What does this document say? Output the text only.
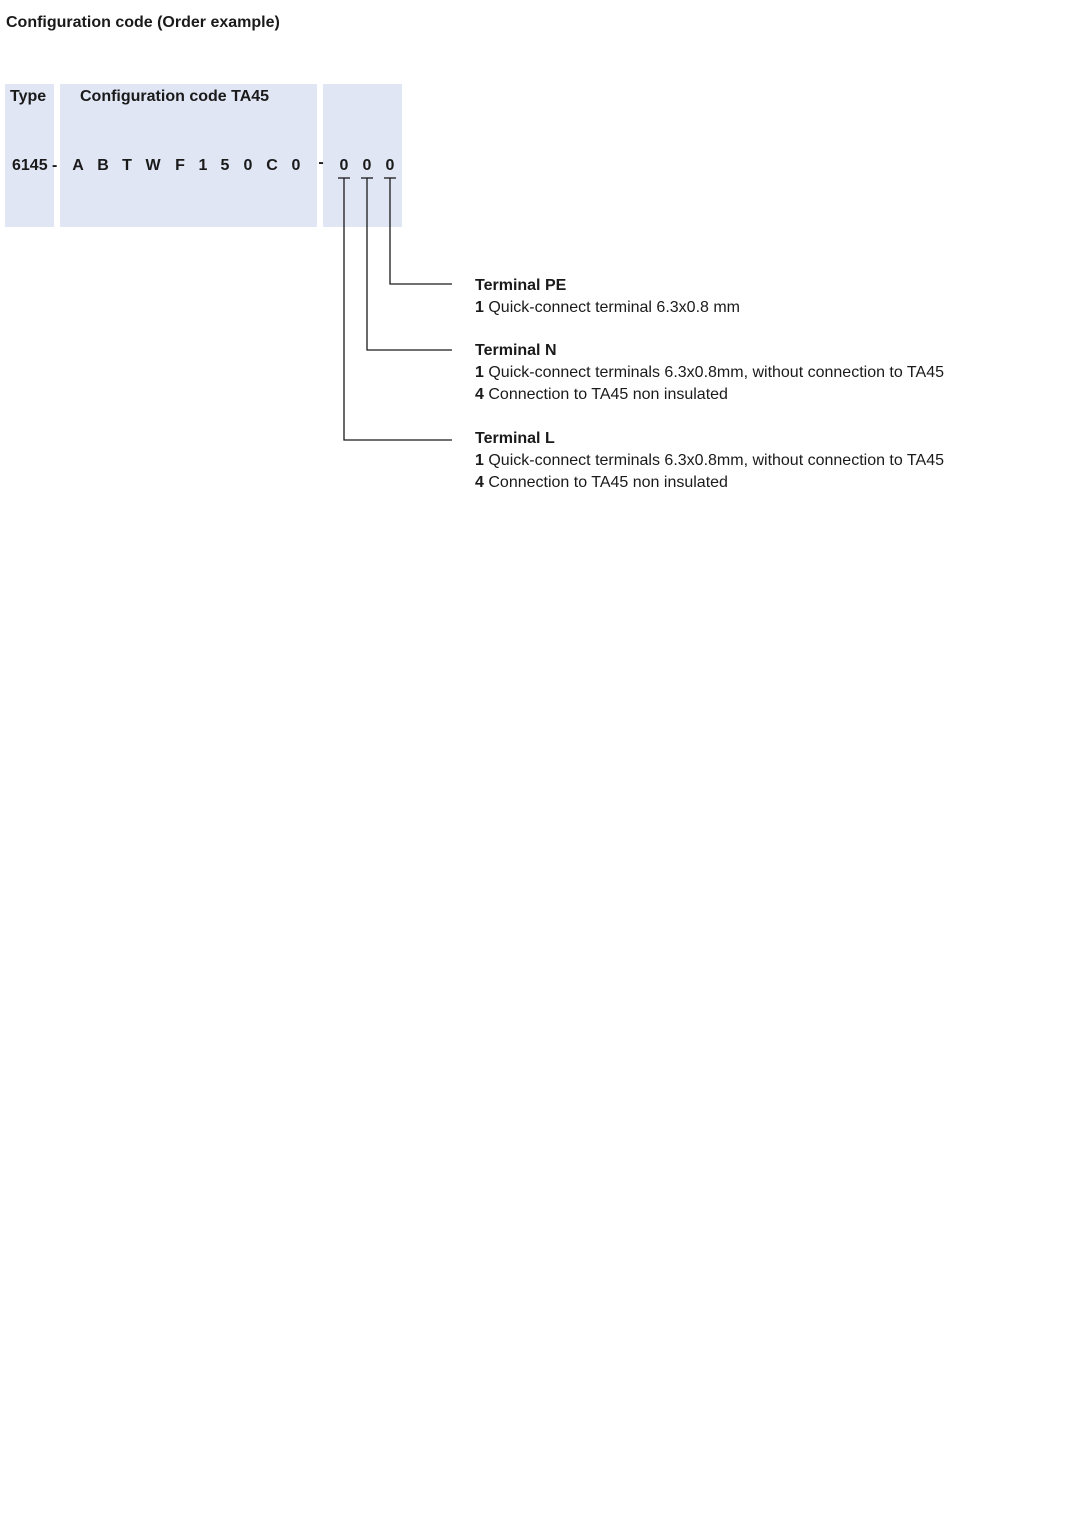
Configuration code (Order example)
Type Configuration code TA45
6145 - A B T W F 1 5 0 C 0	- 0 0 0
Terminal PE
1 Quick-connect terminal 6.3x0.8 mm
Terminal N
1 Quick-connect terminals 6.3x0.8mm, without connection to TA45
4 Connection to TA45 non insulated
Terminal L
1 Quick-connect terminals 6.3x0.8mm, without connection to TA45
4 Connection to TA45 non insulated
